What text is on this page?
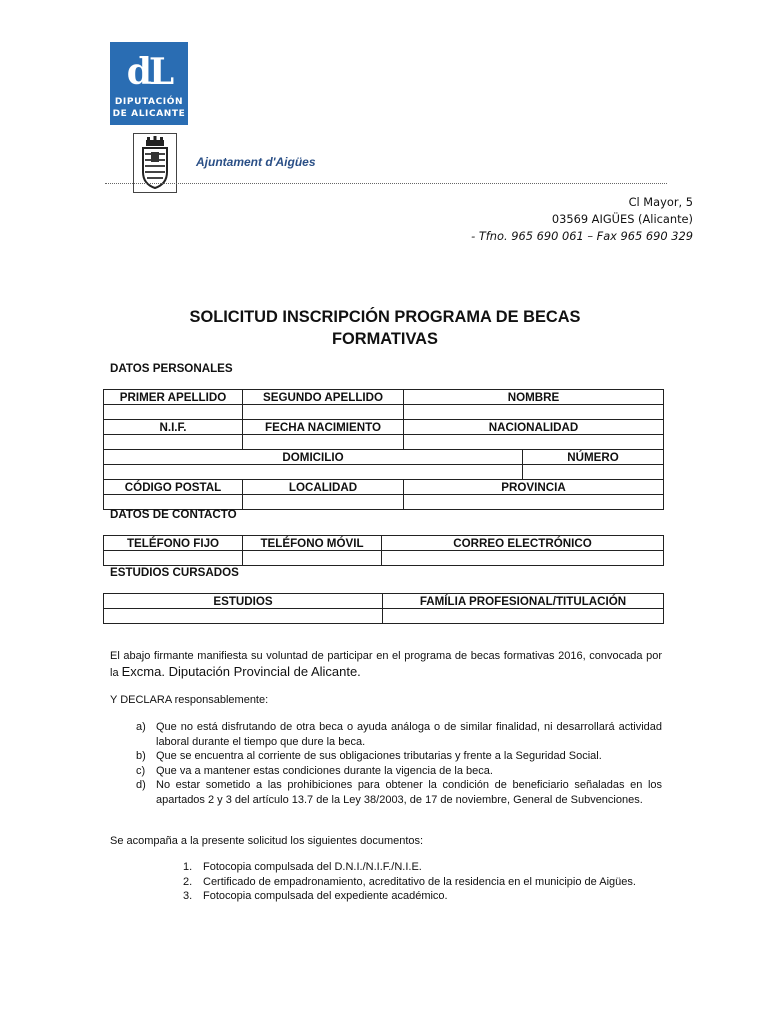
dL
DIPUTACIÓN
DE ALICANTE
Ajuntament d'Aigües
Cl Mayor, 5
03569 AIGÜES (Alicante)
- Tfno. 965 690 061 – Fax 965 690 329
SOLICITUD INSCRIPCIÓN PROGRAMA DE BECAS
FORMATIVAS
DATOS PERSONALES
PRIMER APELLIDO	SEGUNDO APELLIDO	NOMBRE	

N.I.F.	FECHA NACIMIENTO	NACIONALIDAD	

DOMICILIO			NÚMERO

CÓDIGO POSTAL	LOCALIDAD	PROVINCIA	

DATOS DE CONTACTO
TELÉFONO FIJO	TELÉFONO MÓVIL	CORREO ELECTRÓNICO

ESTUDIOS CURSADOS
ESTUDIOS	FAMÍLIA PROFESIONAL/TITULACIÓN

El abajo firmante manifiesta su voluntad de participar en el programa de becas formativas 2016, convocada por la Excma. Diputación Provincial de Alicante.
Y DECLARA responsablemente:
a) Que no está disfrutando de otra beca o ayuda análoga o de similar finalidad, ni desarrollará actividad laboral durante el tiempo que dure la beca.
b) Que se encuentra al corriente de sus obligaciones tributarias y frente a la Seguridad Social.
c) Que va a mantener estas condiciones durante la vigencia de la beca.
d) No estar sometido a las prohibiciones para obtener la condición de beneficiario señaladas en los apartados 2 y 3 del artículo 13.7 de la Ley 38/2003, de 17 de noviembre, General de Subvenciones.
Se acompaña a la presente solicitud los siguientes documentos:
1. Fotocopia compulsada del D.N.I./N.I.F./N.I.E.
2. Certificado de empadronamiento, acreditativo de la residencia en el municipio de Aigües.
3. Fotocopia compulsada del expediente académico.
